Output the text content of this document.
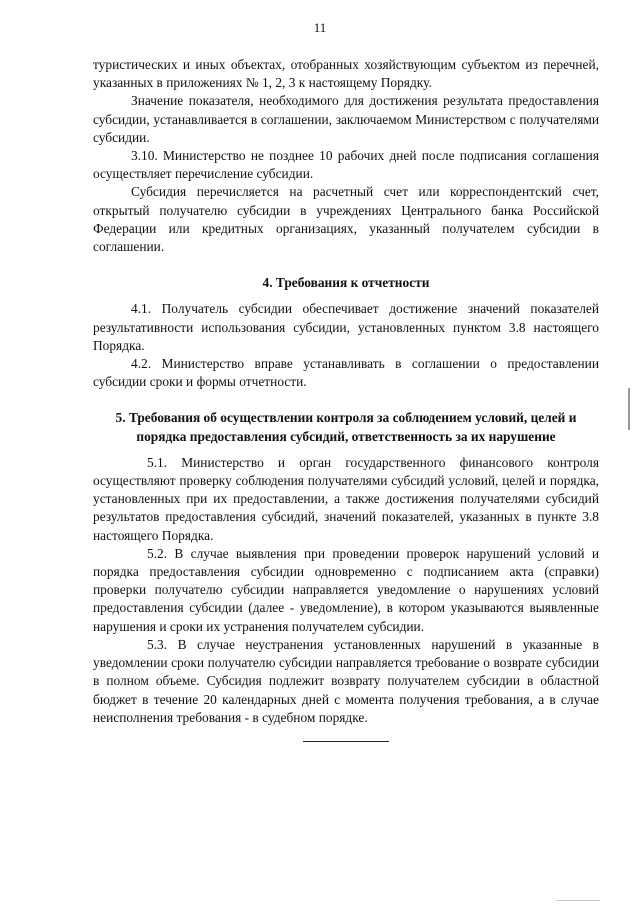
11

туристических и иных объектах, отобранных хозяйствующим субъектом из перечней, указанных в приложениях № 1, 2, 3 к настоящему Порядку.

Значение показателя, необходимого для достижения результата предоставления субсидии, устанавливается в соглашении, заключаемом Министерством с получателями субсидии.

3.10. Министерство не позднее 10 рабочих дней после подписания соглашения осуществляет перечисление субсидии.

Субсидия перечисляется на расчетный счет или корреспондентский счет, открытый получателю субсидии в учреждениях Центрального банка Российской Федерации или кредитных организациях, указанный получателем субсидии в соглашении.

4. Требования к отчетности

4.1. Получатель субсидии обеспечивает достижение значений показателей результативности использования субсидии, установленных пунктом 3.8 настоящего Порядка.

4.2. Министерство вправе устанавливать в соглашении о предоставлении субсидии сроки и формы отчетности.

5. Требования об осуществлении контроля за соблюдением условий, целей и порядка предоставления субсидий, ответственность за их нарушение

5.1. Министерство и орган государственного финансового контроля осуществляют проверку соблюдения получателями субсидий условий, целей и порядка, установленных при их предоставлении, а также достижения получателями субсидий результатов предоставления субсидий, значений показателей, указанных в пункте 3.8 настоящего Порядка.

5.2. В случае выявления при проведении проверок нарушений условий и порядка предоставления субсидии одновременно с подписанием акта (справки) проверки получателю субсидии направляется уведомление о нарушениях условий предоставления субсидии (далее - уведомление), в котором указываются выявленные нарушения и сроки их устранения получателем субсидии.

5.3. В случае неустранения установленных нарушений в указанные в уведомлении сроки получателю субсидии направляется требование о возврате субсидии в полном объеме. Субсидия подлежит возврату получателем субсидии в областной бюджет в течение 20 календарных дней с момента получения требования, а в случае неисполнения требования - в судебном порядке.
